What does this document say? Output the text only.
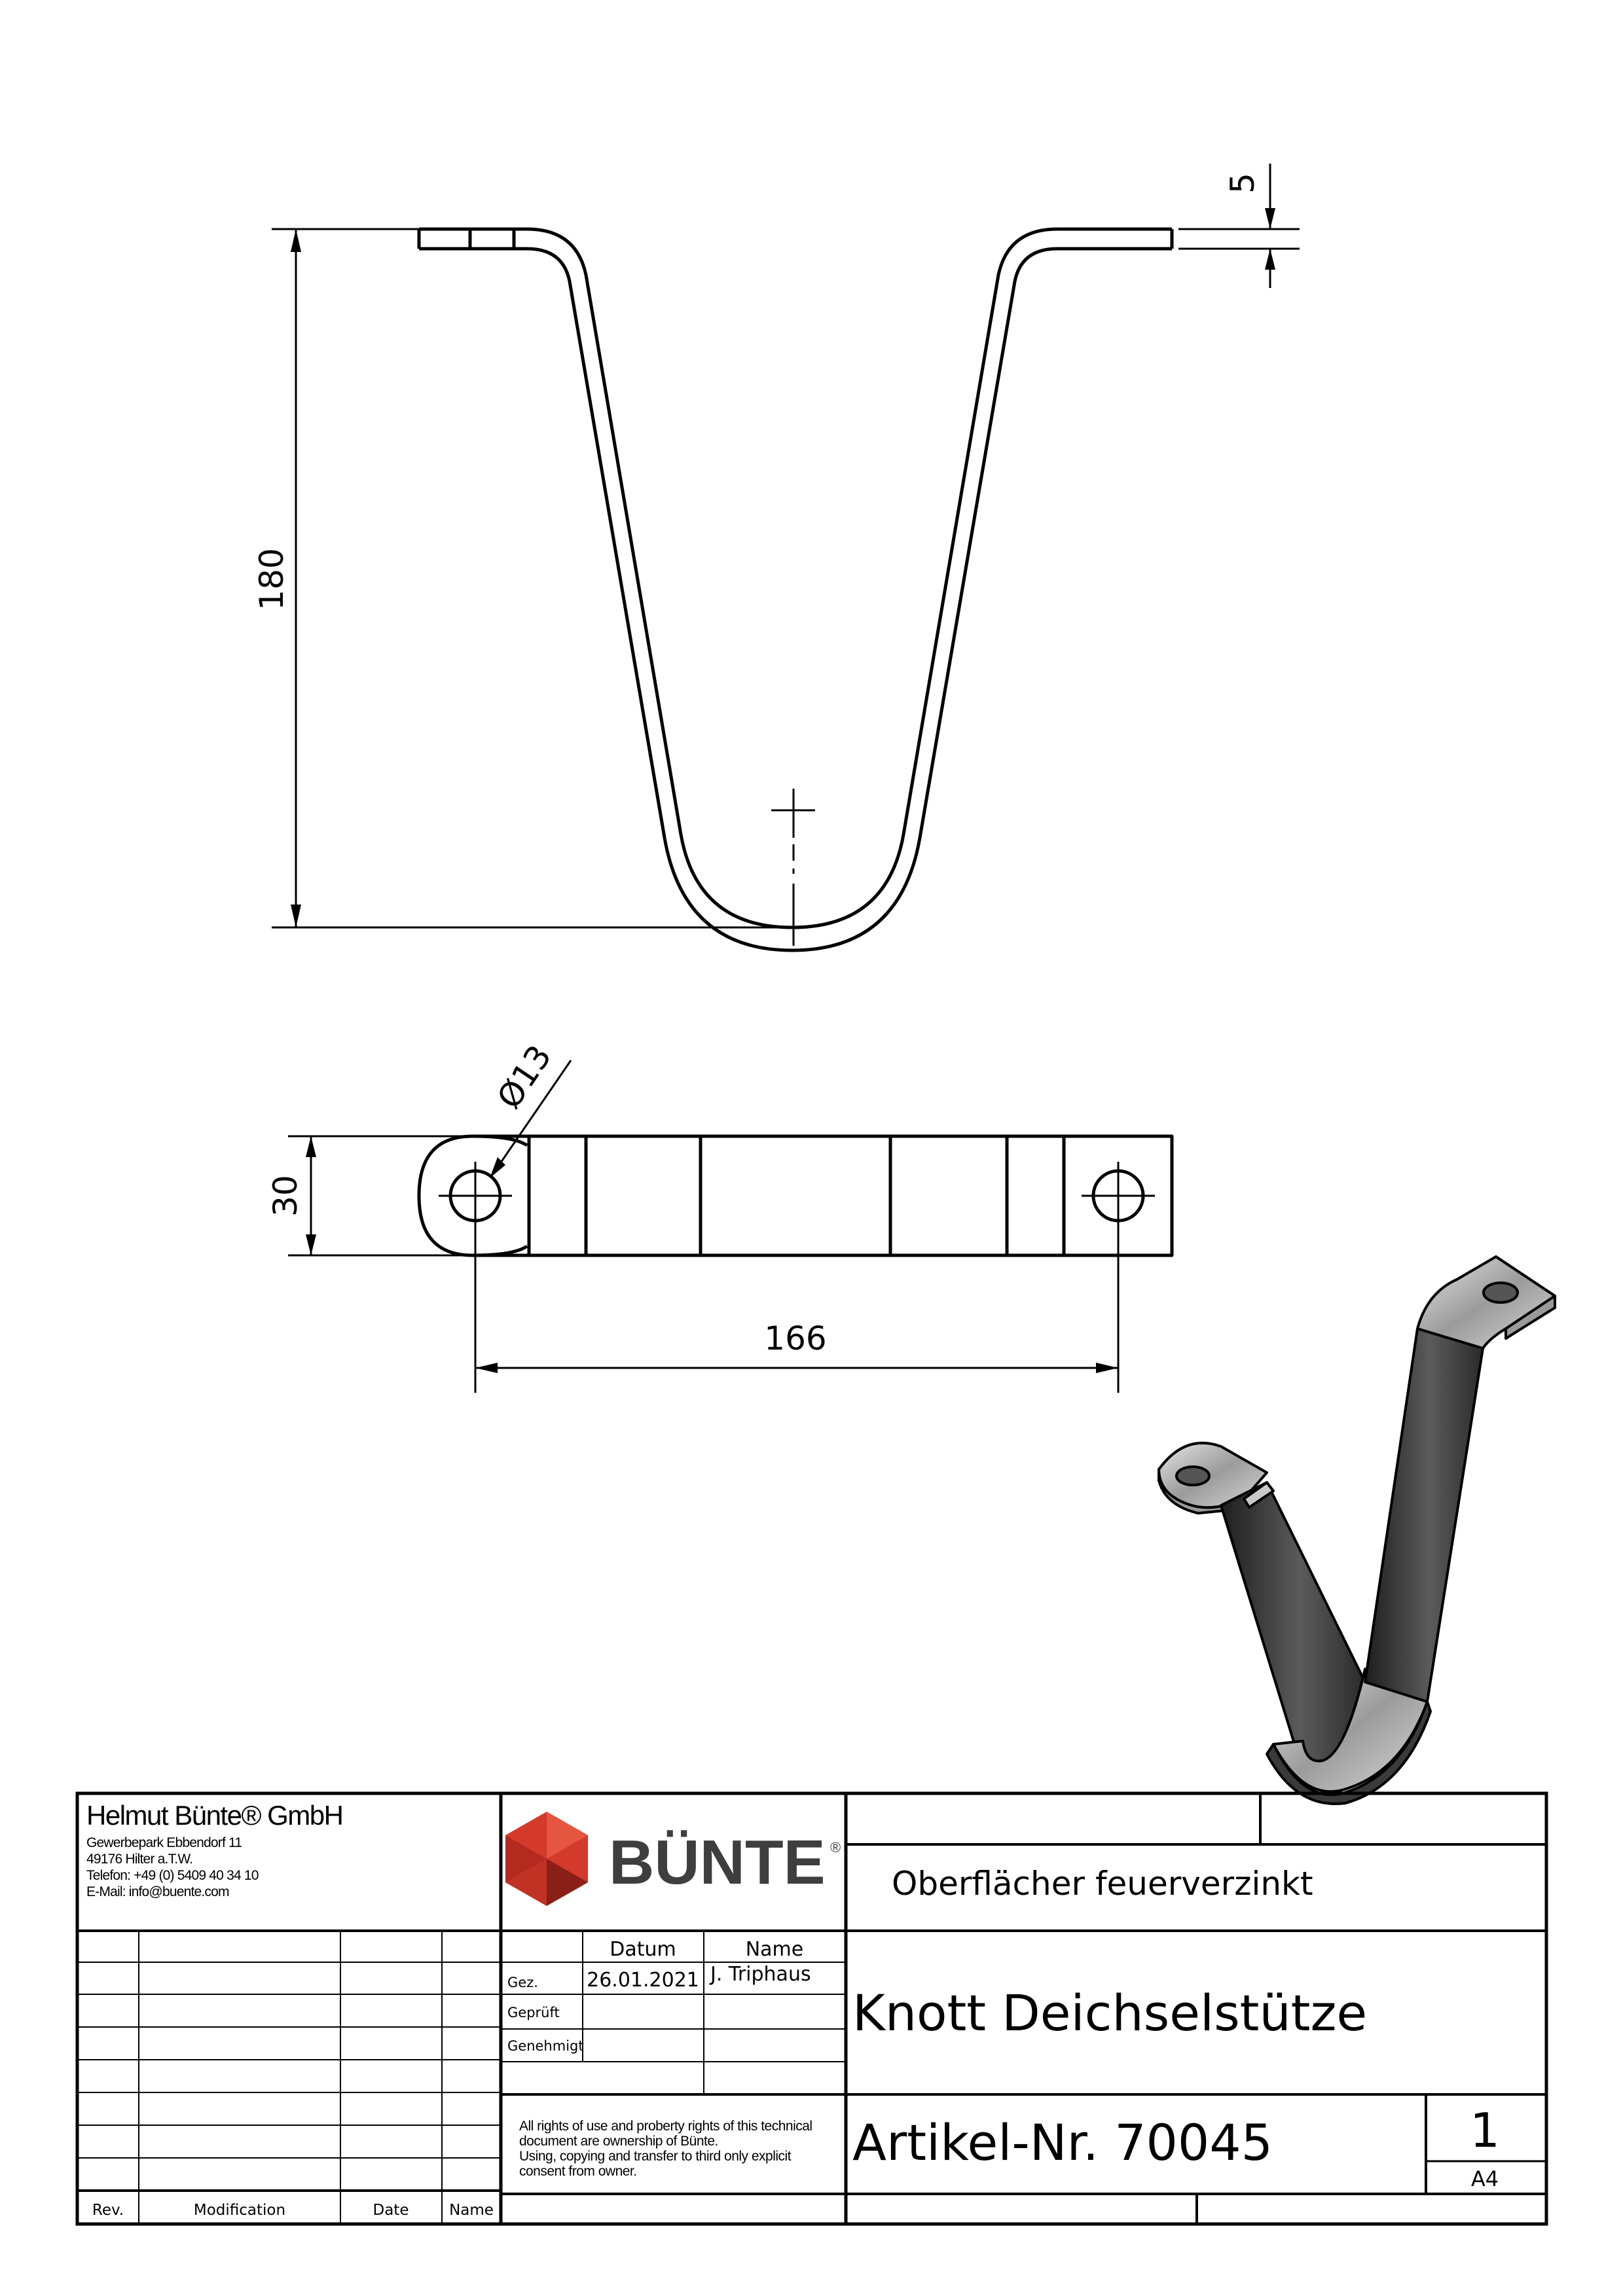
5
180
Ø13
30
166
Helmut Bünte® GmbH
Gewerbepark Ebbendorf 11
49176 Hilter a.T.W.
Telefon: +49 (0) 5409 40 34 10
E-Mail: info@buente.com	BÜNTE ®
Oberflächer feuerverzinkt
Datum	Name
Gez. 26.01.2021 J. Triphaus
Geprüft
Genehmigt
All rights of use and proberty rights of this technical
document are ownership of Bünte.
Using, copying and transfer to third only explicit
consent from owner.
Knott Deichselstütze
Artikel-Nr. 70045	1
A4
Rev.	Modification	Date	Name
